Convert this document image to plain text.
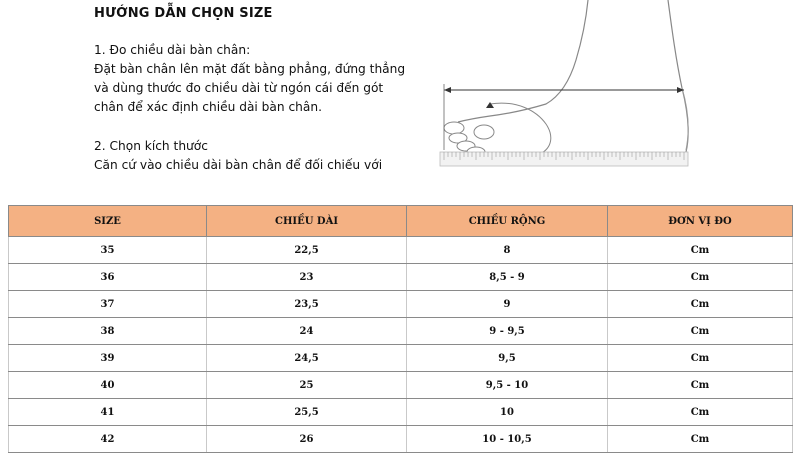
HƯỚNG DẪN CHỌN SIZE

1. Đo chiều dài bàn chân:

Đặt bàn chân lên mặt đất bằng phẳng, đứng thẳng

và dùng thước đo chiều dài từ ngón cái đến gót

chân để xác định chiều dài bàn chân.

2. Chọn kích thước

Căn cứ vào chiều dài bàn chân để đối chiếu với

SIZE	CHIỀU DÀI	CHIỀU RỘNG	ĐƠN VỊ ĐO
35	22,5	8	Cm
36	23	8,5 - 9	Cm
37	23,5	9	Cm
38	24	9 - 9,5	Cm
39	24,5	9,5	Cm
40	25	9,5 - 10	Cm
41	25,5	10	Cm
42	26	10 - 10,5	Cm
